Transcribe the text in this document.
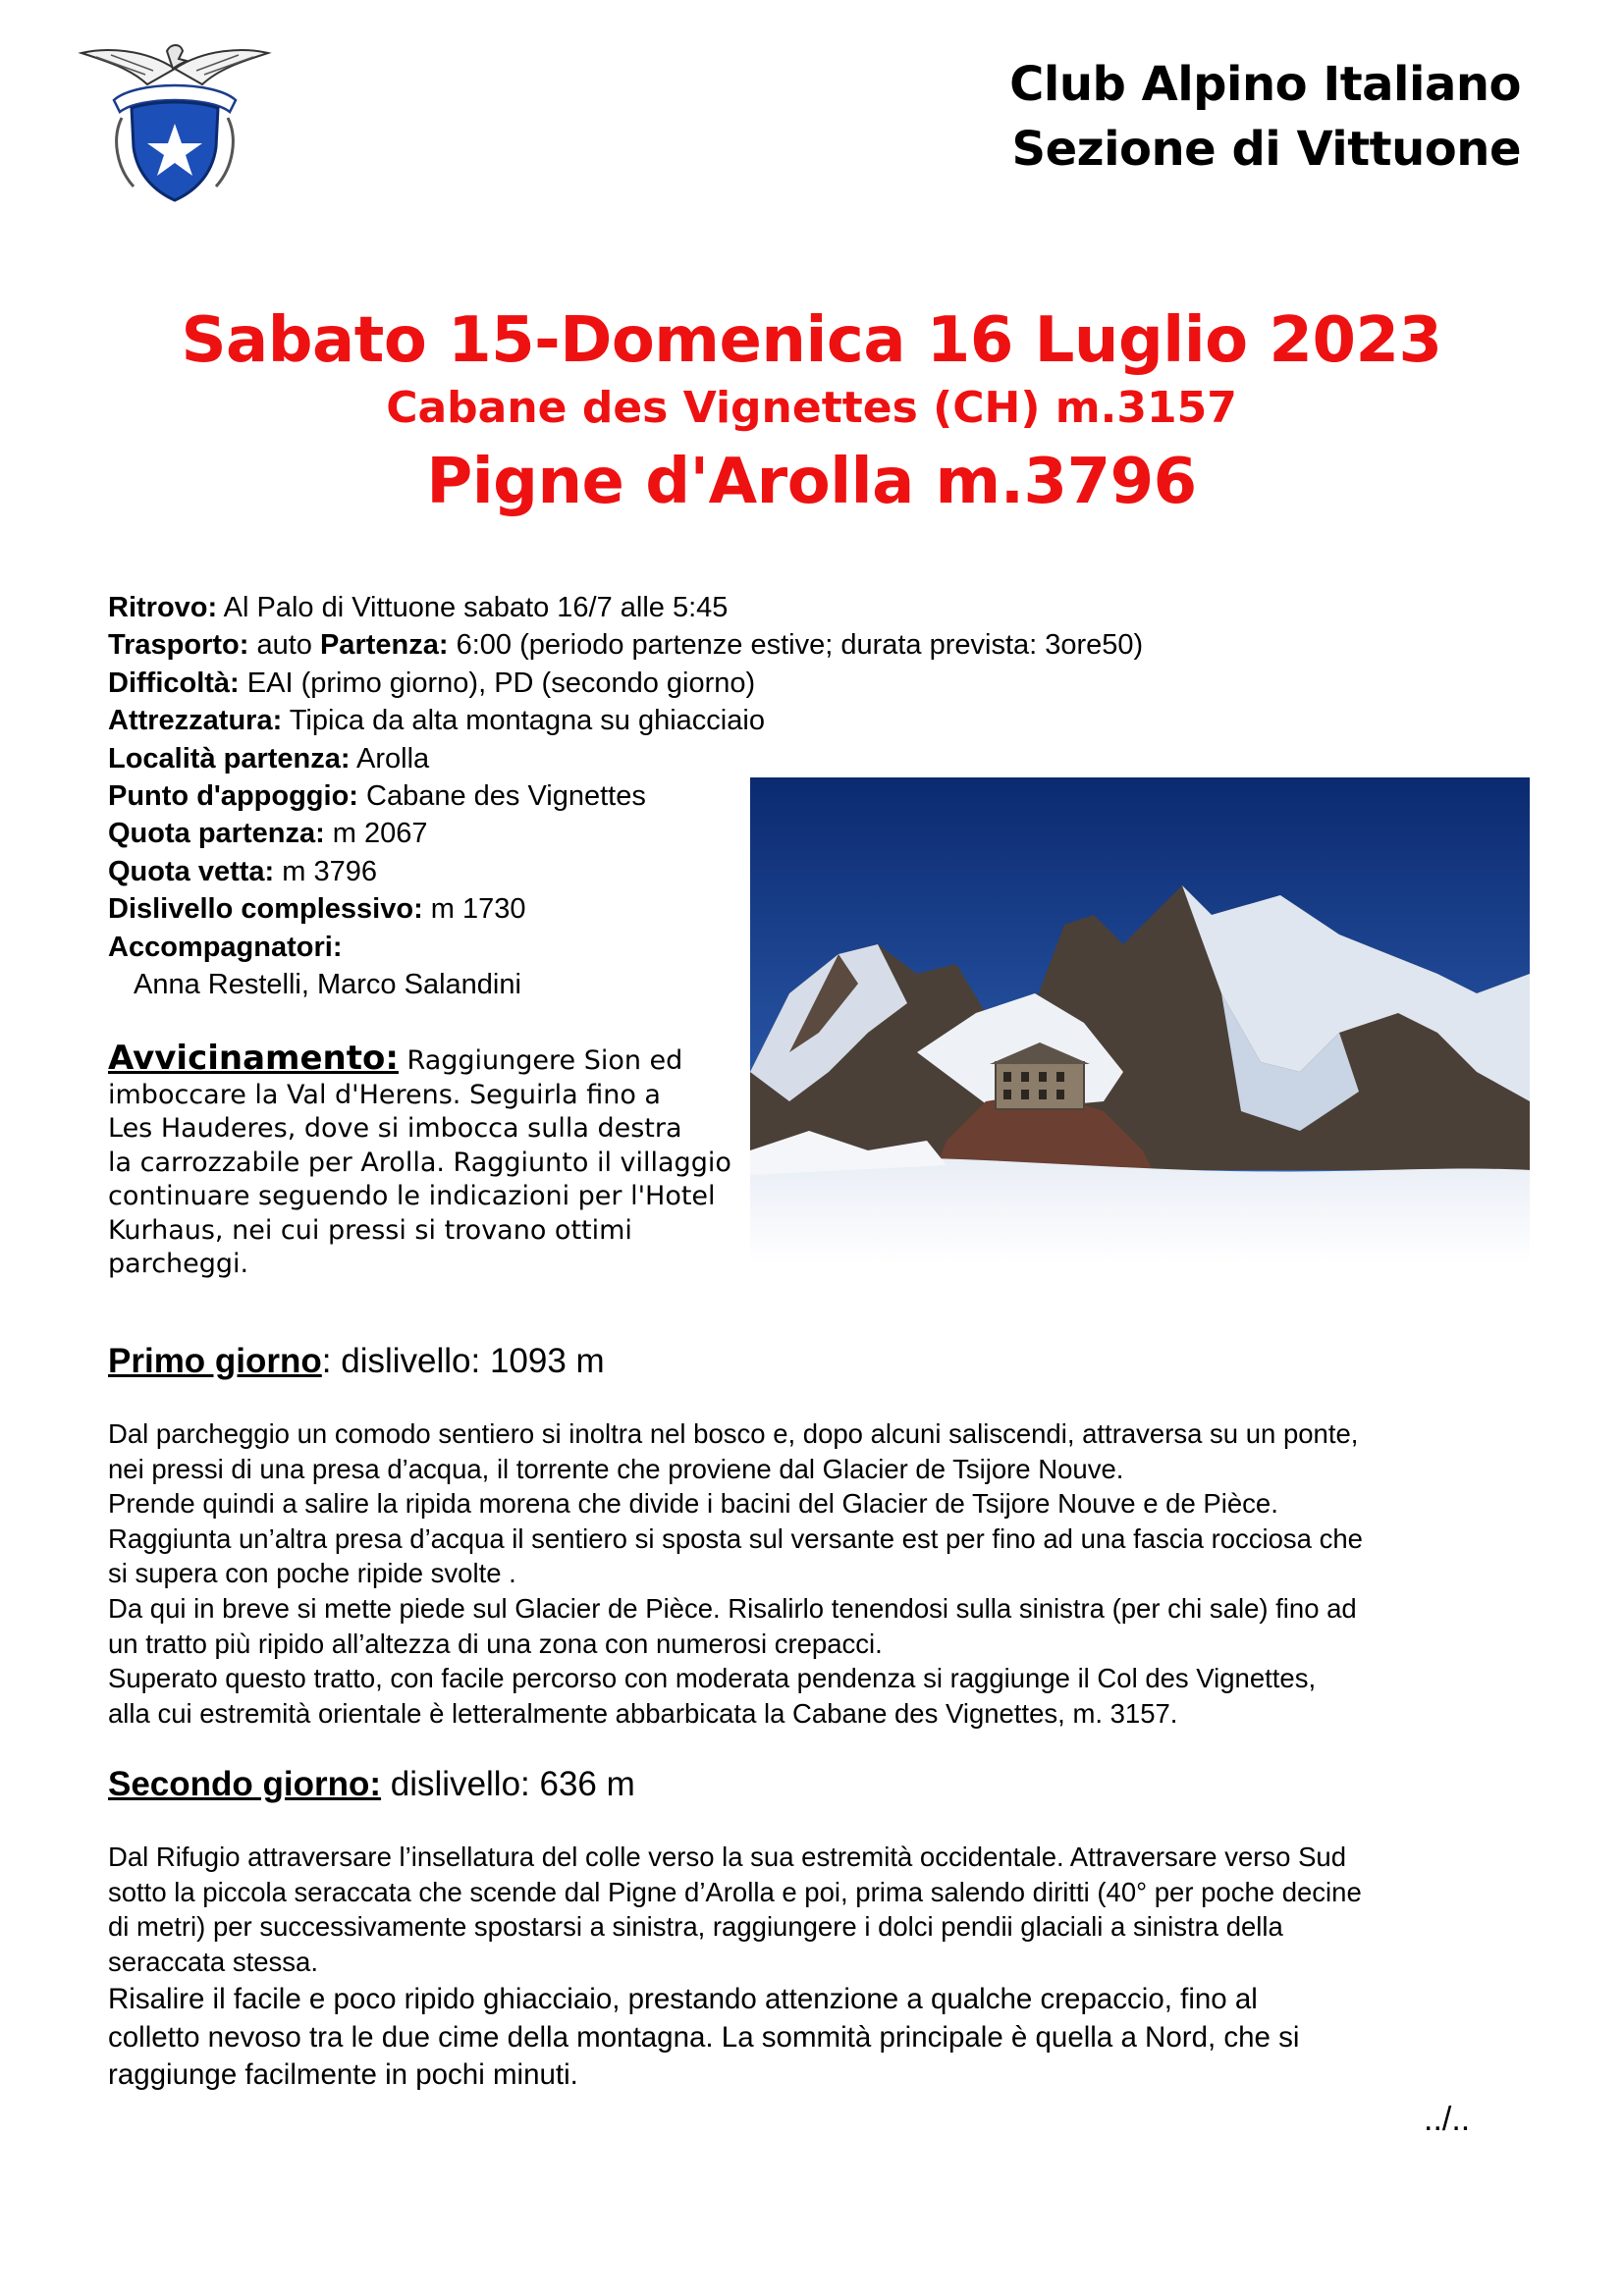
Club Alpino Italiano
Sezione di Vittuone
Sabato 15-Domenica 16 Luglio 2023
Cabane des Vignettes (CH) m.3157
Pigne d'Arolla m.3796
Ritrovo: Al Palo di Vittuone sabato 16/7 alle 5:45
Trasporto: auto Partenza: 6:00 (periodo partenze estive; durata prevista: 3ore50)
Difficoltà: EAI (primo giorno), PD (secondo giorno)
Attrezzatura: Tipica da alta montagna su ghiacciaio
Località partenza: Arolla
Punto d'appoggio: Cabane des Vignettes
Quota partenza: m 2067
Quota vetta: m 3796
Dislivello complessivo: m 1730
Accompagnatori:
Anna Restelli, Marco Salandini
Avvicinamento: Raggiungere Sion ed
imboccare la Val d'Herens. Seguirla fino a
Les Hauderes, dove si imbocca sulla destra
la carrozzabile per Arolla. Raggiunto il villaggio
continuare seguendo le indicazioni per l'Hotel
Kurhaus, nei cui pressi si trovano ottimi
parcheggi.
Primo giorno: dislivello: 1093 m
Dal parcheggio un comodo sentiero si inoltra nel bosco e, dopo alcuni saliscendi, attraversa su un ponte,
nei pressi di una presa d’acqua, il torrente che proviene dal Glacier de Tsijore Nouve.
Prende quindi a salire la ripida morena che divide i bacini del Glacier de Tsijore Nouve e de Pièce.
Raggiunta un’altra presa d’acqua il sentiero si sposta sul versante est per fino ad una fascia rocciosa che
si supera con poche ripide svolte .
Da qui in breve si mette piede sul Glacier de Pièce. Risalirlo tenendosi sulla sinistra (per chi sale) fino ad
un tratto più ripido all’altezza di una zona con numerosi crepacci.
Superato questo tratto, con facile percorso con moderata pendenza si raggiunge il Col des Vignettes,
alla cui estremità orientale è letteralmente abbarbicata la Cabane des Vignettes, m. 3157.
Secondo giorno: dislivello: 636 m
Dal Rifugio attraversare l’insellatura del colle verso la sua estremità occidentale. Attraversare verso Sud
sotto la piccola seraccata che scende dal Pigne d’Arolla e poi, prima salendo diritti (40° per poche decine
di metri) per successivamente spostarsi a sinistra, raggiungere i dolci pendii glaciali a sinistra della
seraccata stessa.
Risalire il facile e poco ripido ghiacciaio, prestando attenzione a qualche crepaccio, fino al
colletto nevoso tra le due cime della montagna. La sommità principale è quella a Nord, che si
raggiunge facilmente in pochi minuti.
../..
